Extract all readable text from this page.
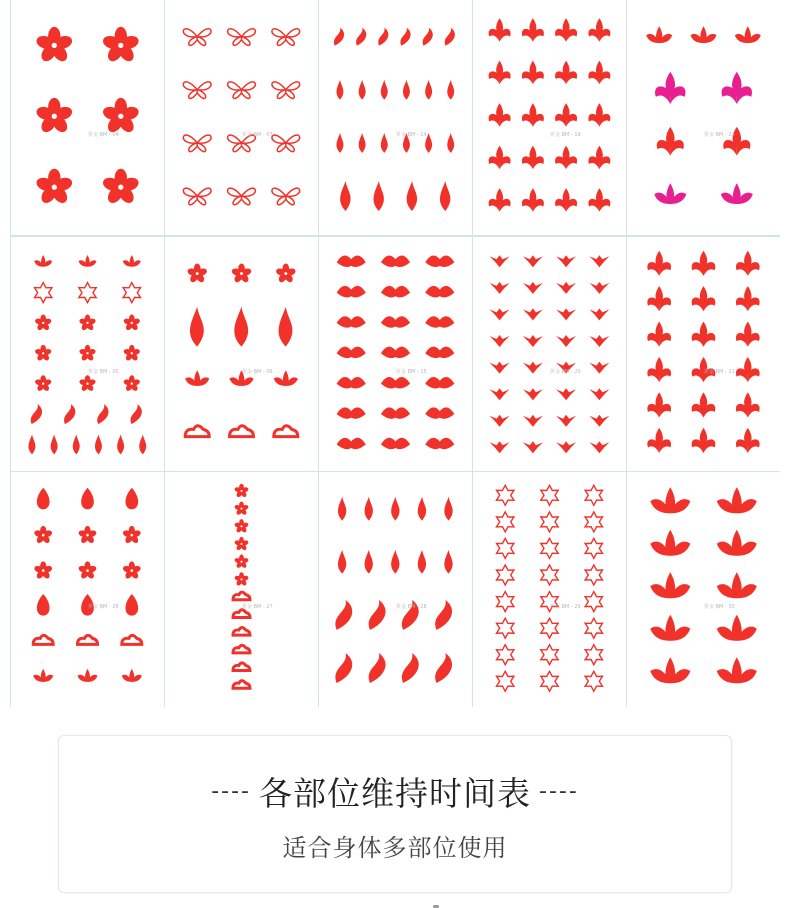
折金 BM - 04	折金 BM - 07	折金 BM - 14	折金 BM - 19	折金 BM - 22
折金 BM - 05	折金 BM - 06	折金 BM - 15	折金 BM - 20	折金 BM - 21
折金 BM - 26	折金 BM - 27	折金 BM - 28	折金 BM - 29	折金 BM - 30
---- 各部位维持时间表 ----
适合身体多部位使用
